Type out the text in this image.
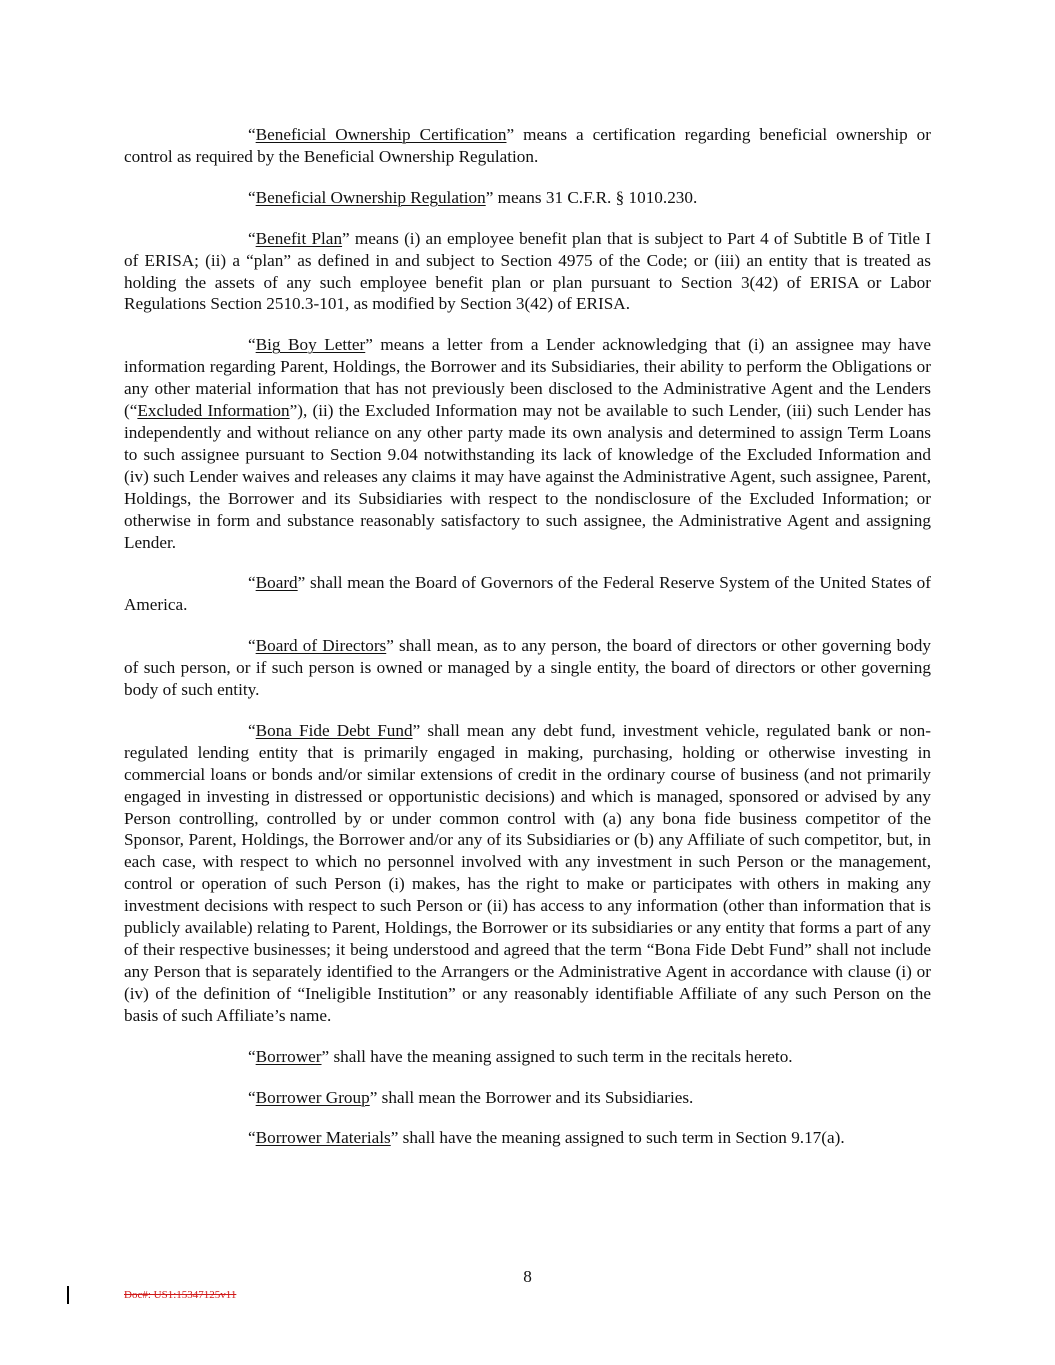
“Beneficial Ownership Certification” means a certification regarding beneficial ownership or control as required by the Beneficial Ownership Regulation.

“Beneficial Ownership Regulation” means 31 C.F.R. § 1010.230.

“Benefit Plan” means (i) an employee benefit plan that is subject to Part 4 of Subtitle B of Title I of ERISA; (ii) a “plan” as defined in and subject to Section 4975 of the Code; or (iii) an entity that is treated as holding the assets of any such employee benefit plan or plan pursuant to Section 3(42) of ERISA or Labor Regulations Section 2510.3-101, as modified by Section 3(42) of ERISA.

“Big Boy Letter” means a letter from a Lender acknowledging that (i) an assignee may have information regarding Parent, Holdings, the Borrower and its Subsidiaries, their ability to perform the Obligations or any other material information that has not previously been disclosed to the Administrative Agent and the Lenders (“Excluded Information”), (ii) the Excluded Information may not be available to such Lender, (iii) such Lender has independently and without reliance on any other party made its own analysis and determined to assign Term Loans to such assignee pursuant to Section 9.04 notwithstanding its lack of knowledge of the Excluded Information and (iv) such Lender waives and releases any claims it may have against the Administrative Agent, such assignee, Parent, Holdings, the Borrower and its Subsidiaries with respect to the nondisclosure of the Excluded Information; or otherwise in form and substance reasonably satisfactory to such assignee, the Administrative Agent and assigning Lender.

“Board” shall mean the Board of Governors of the Federal Reserve System of the United States of America.

“Board of Directors” shall mean, as to any person, the board of directors or other governing body of such person, or if such person is owned or managed by a single entity, the board of directors or other governing body of such entity.

“Bona Fide Debt Fund” shall mean any debt fund, investment vehicle, regulated bank or non-regulated lending entity that is primarily engaged in making, purchasing, holding or otherwise investing in commercial loans or bonds and/or similar extensions of credit in the ordinary course of business (and not primarily engaged in investing in distressed or opportunistic decisions) and which is managed, sponsored or advised by any Person controlling, controlled by or under common control with (a) any bona fide business competitor of the Sponsor, Parent, Holdings, the Borrower and/or any of its Subsidiaries or (b) any Affiliate of such competitor, but, in each case, with respect to which no personnel involved with any investment in such Person or the management, control or operation of such Person (i) makes, has the right to make or participates with others in making any investment decisions with respect to such Person or (ii) has access to any information (other than information that is publicly available) relating to Parent, Holdings, the Borrower or its subsidiaries or any entity that forms a part of any of their respective businesses; it being understood and agreed that the term “Bona Fide Debt Fund” shall not include any Person that is separately identified to the Arrangers or the Administrative Agent in accordance with clause (i) or (iv) of the definition of “Ineligible Institution” or any reasonably identifiable Affiliate of any such Person on the basis of such Affiliate’s name.

“Borrower” shall have the meaning assigned to such term in the recitals hereto.

“Borrower Group” shall mean the Borrower and its Subsidiaries.

“Borrower Materials” shall have the meaning assigned to such term in Section 9.17(a).

8
Doc#: US1:15347125v11
